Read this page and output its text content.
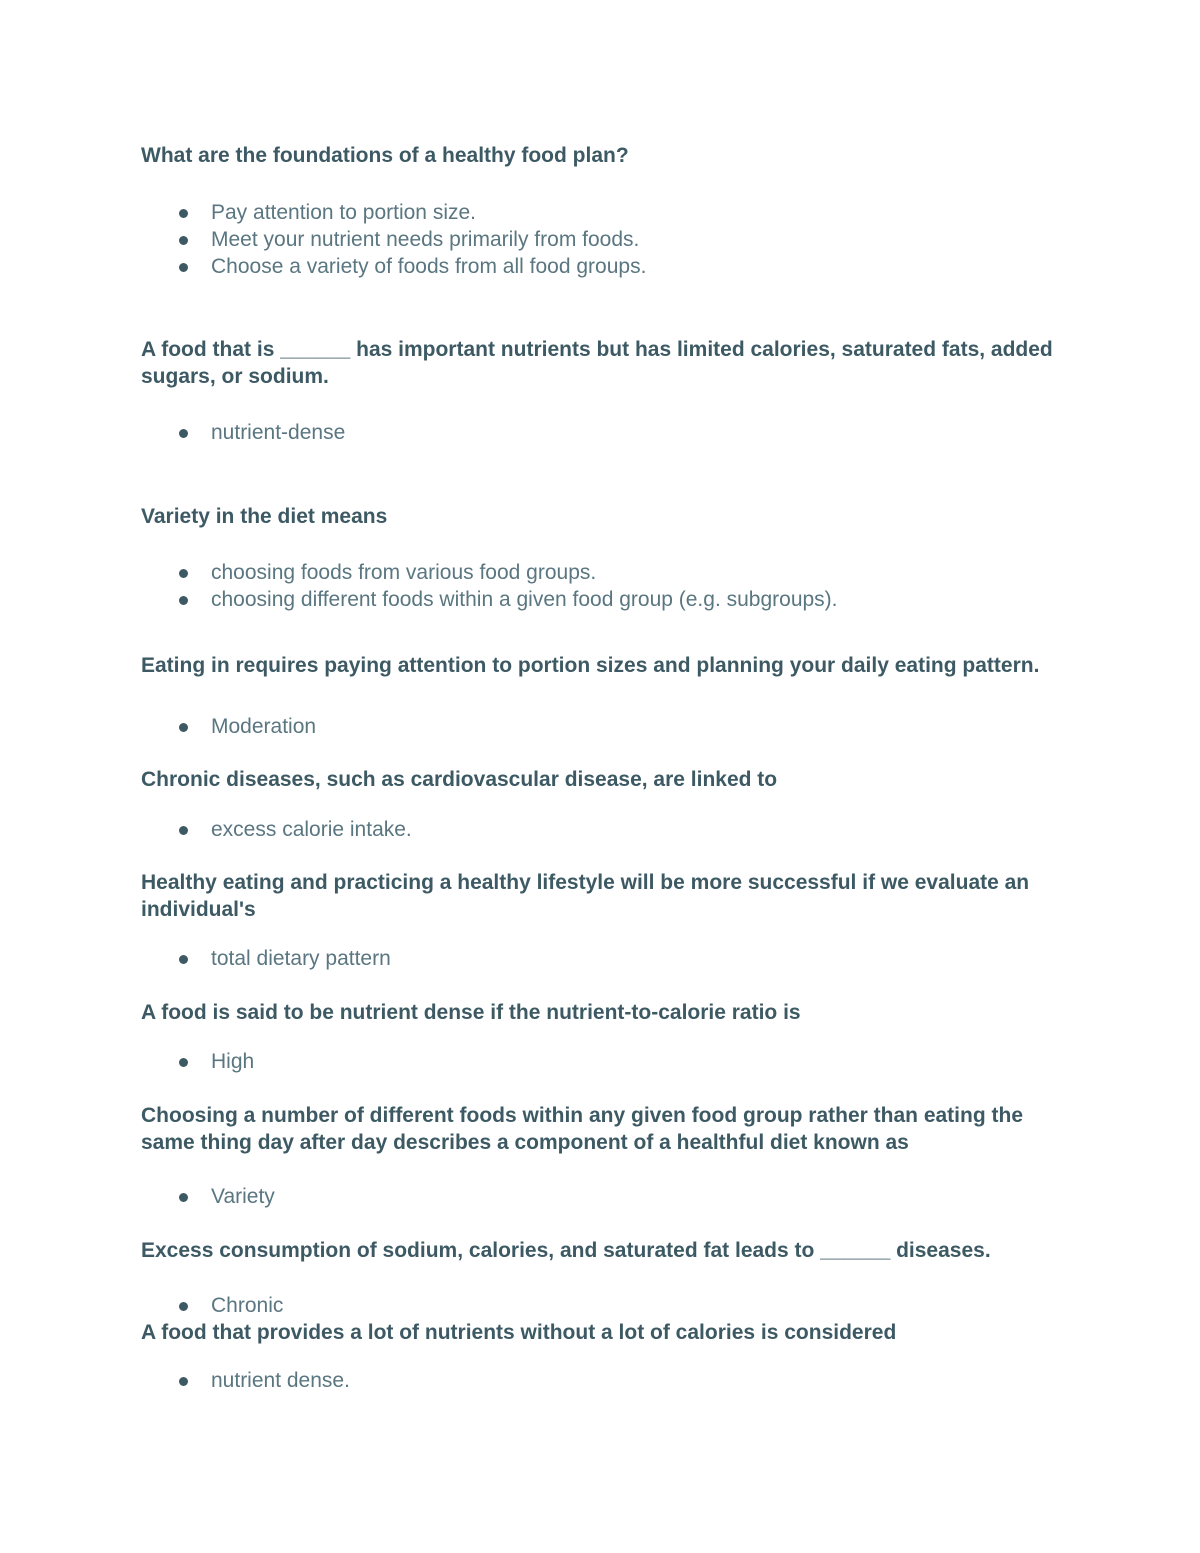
What are the foundations of a healthy food plan?

Pay attention to portion size.
Meet your nutrient needs primarily from foods.
Choose a variety of foods from all food groups.

A food that is ______ has important nutrients but has limited calories, saturated fats, added sugars, or sodium.

nutrient-dense

Variety in the diet means

choosing foods from various food groups.
choosing different foods within a given food group (e.g. subgroups).

Eating in requires paying attention to portion sizes and planning your daily eating pattern.

Moderation

Chronic diseases, such as cardiovascular disease, are linked to

excess calorie intake.

Healthy eating and practicing a healthy lifestyle will be more successful if we evaluate an individual's

total dietary pattern

A food is said to be nutrient dense if the nutrient-to-calorie ratio is

High

Choosing a number of different foods within any given food group rather than eating the same thing day after day describes a component of a healthful diet known as

Variety

Excess consumption of sodium, calories, and saturated fat leads to ______ diseases.

Chronic

A food that provides a lot of nutrients without a lot of calories is considered

nutrient dense.
